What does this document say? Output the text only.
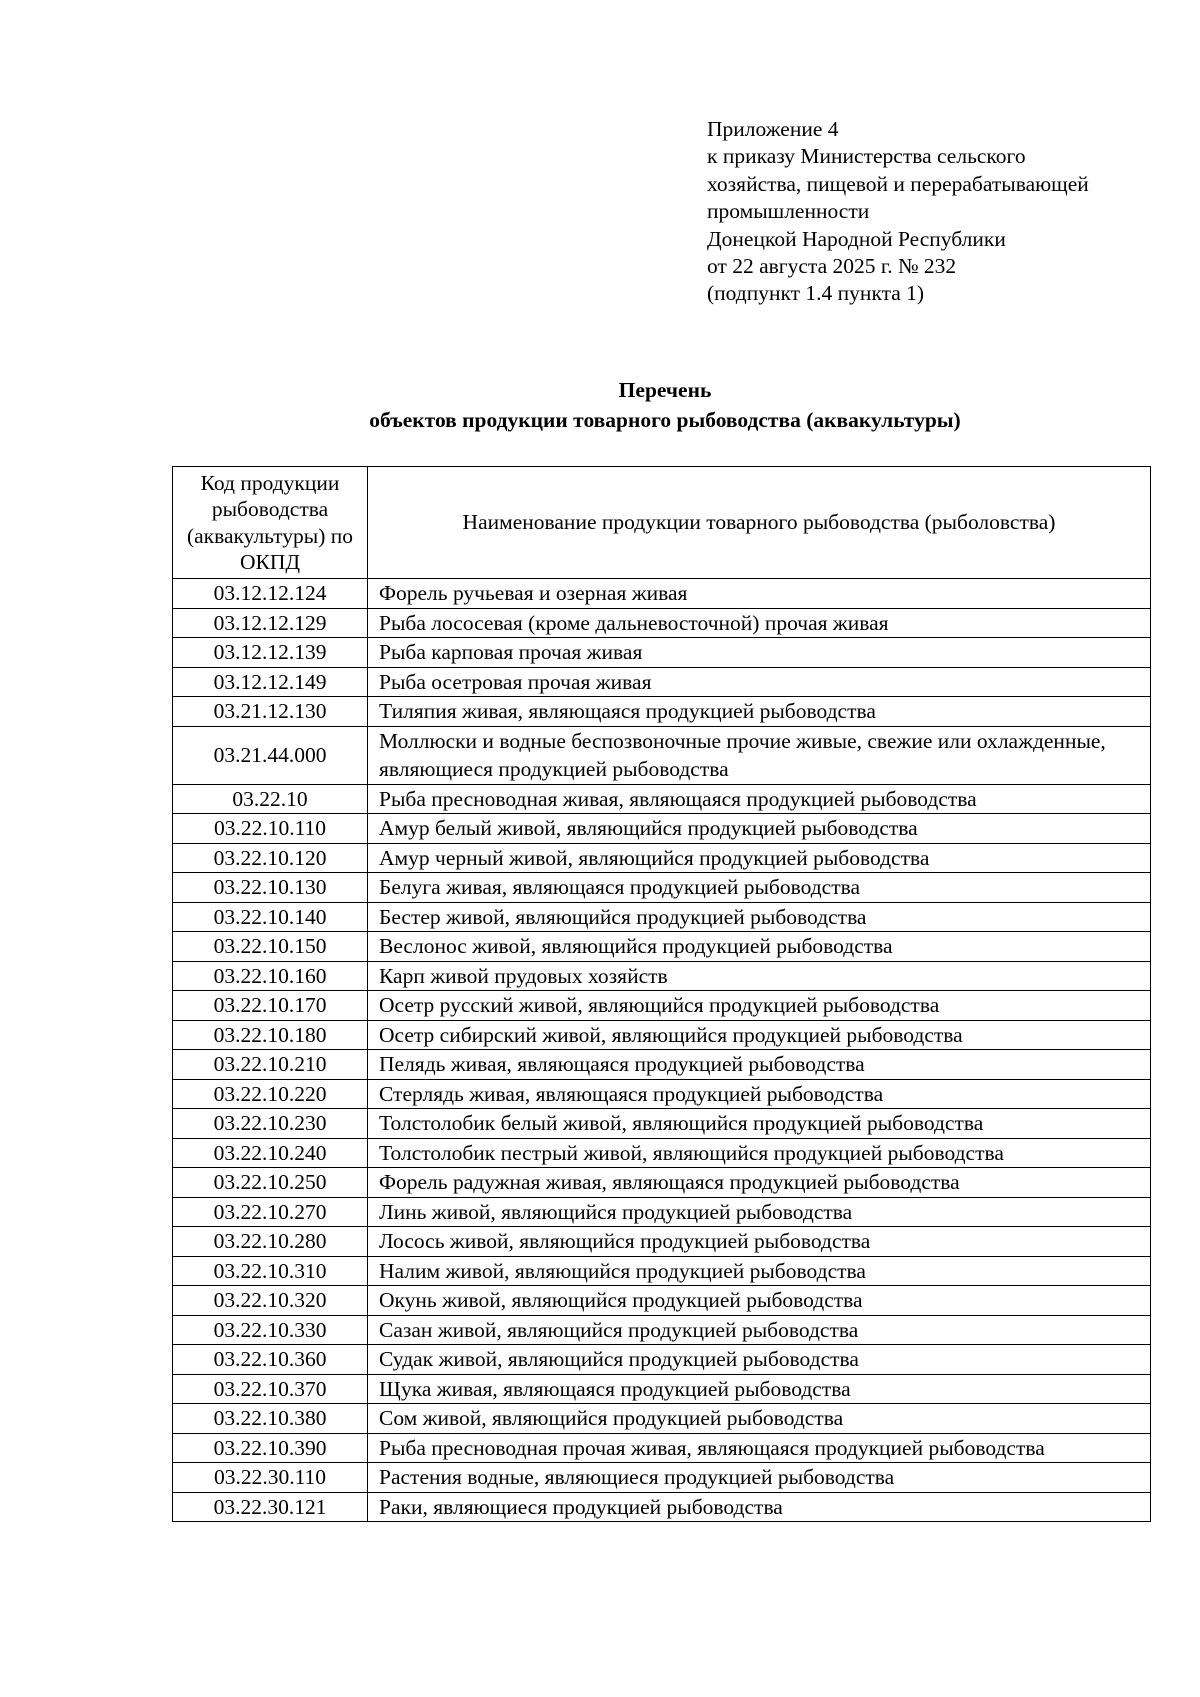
Приложение 4
к приказу Министерства сельского
хозяйства, пищевой и перерабатывающей
промышленности
Донецкой Народной Республики
от 22 августа 2025 г. № 232
(подпункт 1.4 пункта 1)
Перечень
объектов продукции товарного рыбоводства (аквакультуры)
Код продукции рыбоводства (аквакультуры) по ОКПД	Наименование продукции товарного рыбоводства (рыболовства)
03.12.12.124	Форель ручьевая и озерная живая
03.12.12.129	Рыба лососевая (кроме дальневосточной) прочая живая
03.12.12.139	Рыба карповая прочая живая
03.12.12.149	Рыба осетровая прочая живая
03.21.12.130	Тиляпия живая, являющаяся продукцией рыбоводства
03.21.44.000	Моллюски и водные беспозвоночные прочие живые, свежие или охлажденные, являющиеся продукцией рыбоводства
03.22.10	Рыба пресноводная живая, являющаяся продукцией рыбоводства
03.22.10.110	Амур белый живой, являющийся продукцией рыбоводства
03.22.10.120	Амур черный живой, являющийся продукцией рыбоводства
03.22.10.130	Белуга живая, являющаяся продукцией рыбоводства
03.22.10.140	Бестер живой, являющийся продукцией рыбоводства
03.22.10.150	Веслонос живой, являющийся продукцией рыбоводства
03.22.10.160	Карп живой прудовых хозяйств
03.22.10.170	Осетр русский живой, являющийся продукцией рыбоводства
03.22.10.180	Осетр сибирский живой, являющийся продукцией рыбоводства
03.22.10.210	Пелядь живая, являющаяся продукцией рыбоводства
03.22.10.220	Стерлядь живая, являющаяся продукцией рыбоводства
03.22.10.230	Толстолобик белый живой, являющийся продукцией рыбоводства
03.22.10.240	Толстолобик пестрый живой, являющийся продукцией рыбоводства
03.22.10.250	Форель радужная живая, являющаяся продукцией рыбоводства
03.22.10.270	Линь живой, являющийся продукцией рыбоводства
03.22.10.280	Лосось живой, являющийся продукцией рыбоводства
03.22.10.310	Налим живой, являющийся продукцией рыбоводства
03.22.10.320	Окунь живой, являющийся продукцией рыбоводства
03.22.10.330	Сазан живой, являющийся продукцией рыбоводства
03.22.10.360	Судак живой, являющийся продукцией рыбоводства
03.22.10.370	Щука живая, являющаяся продукцией рыбоводства
03.22.10.380	Сом живой, являющийся продукцией рыбоводства
03.22.10.390	Рыба пресноводная прочая живая, являющаяся продукцией рыбоводства
03.22.30.110	Растения водные, являющиеся продукцией рыбоводства
03.22.30.121	Раки, являющиеся продукцией рыбоводства
